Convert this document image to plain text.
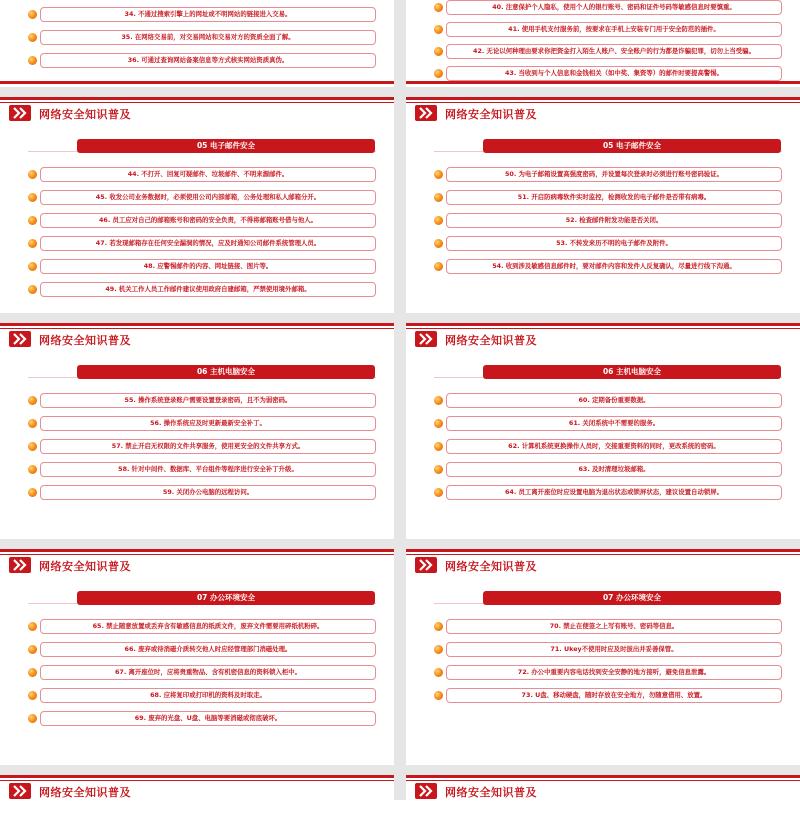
34. 不通过搜索引擎上的网址或不明网站的链接进入交易。
35. 在网络交易前，对交易网站和交易对方的资质全面了解。
36. 可通过查询网站备案信息等方式核实网站资质真伪。
40. 注意保护个人隐私，使用个人的银行账号、密码和证件号码等敏感信息时要慎重。
41. 使用手机支付服务前，按要求在手机上安装专门用于安全防范的插件。
42. 无论以何种理由要求你把资金打入陌生人账户、安全账户的行为都是诈骗犯罪，切勿上当受骗。
43. 当收到与个人信息和金钱相关（如中奖、集资等）的邮件时要提高警惕。
网络安全知识普及
05 电子邮件安全
44. 不打开、回复可疑邮件、垃圾邮件、不明来源邮件。
45. 收发公司业务数据时，必须使用公司内部邮箱，公务处理和私人邮箱分开。
46. 员工应对自己的邮箱账号和密码的安全负责，不得将邮箱账号借与他人。
47. 若发现邮箱存在任何安全漏洞的情况，应及时通知公司邮件系统管理人员。
48. 应警惕邮件的内容、网址链接、图片等。
49. 机关工作人员工作邮件建议使用政府自建邮箱，严禁使用境外邮箱。
网络安全知识普及
05 电子邮件安全
50. 为电子邮箱设置高强度密码，并设置每次登录时必须进行账号密码验证。
51. 开启防病毒软件实时监控，检测收发的电子邮件是否带有病毒。
52. 检查邮件附发功能是否关闭。
53. 不转发来历不明的电子邮件及附件。
54. 收到涉及敏感信息邮件时，要对邮件内容和发件人反复确认，尽量进行线下沟通。
网络安全知识普及
06 主机电脑安全
55. 操作系统登录账户需要设置登录密码，且不为弱密码。
56. 操作系统应及时更新最新安全补丁。
57. 禁止开启无权限的文件共享服务，使用更安全的文件共享方式。
58. 针对中间件、数据库、平台组件等程序进行安全补丁升级。
59. 关闭办公电脑的远程访问。
网络安全知识普及
06 主机电脑安全
60. 定期备份重要数据。
61. 关闭系统中不需要的服务。
62. 计算机系统更换操作人员时，交接重要资料的同时，更改系统的密码。
63. 及时清理垃圾邮箱。
64. 员工离开座位时应设置电脑为退出状态或锁屏状态，建议设置自动锁屏。
网络安全知识普及
07 办公环境安全
65. 禁止随意放置或丢弃含有敏感信息的纸质文件，废弃文件需要用碎纸机粉碎。
66. 废弃或待消磁介质转交他人时应经管理部门消磁处理。
67. 离开座位时，应将贵重物品、含有机密信息的资料锁入柜中。
68. 应将复印或打印机的资料及时取走。
69. 废弃的光盘、U盘、电脑等要消磁或彻底破坏。
网络安全知识普及
07 办公环境安全
70. 禁止在便签之上写有账号、密码等信息。
71. Ukey不使用时应及时拔出并妥善保管。
72. 办公中重要内容电话找到安全安静的地方接听，避免信息泄露。
73. U盘、移动硬盘，随时存放在安全地方，勿随意借用、放置。
网络安全知识普及	网络安全知识普及
